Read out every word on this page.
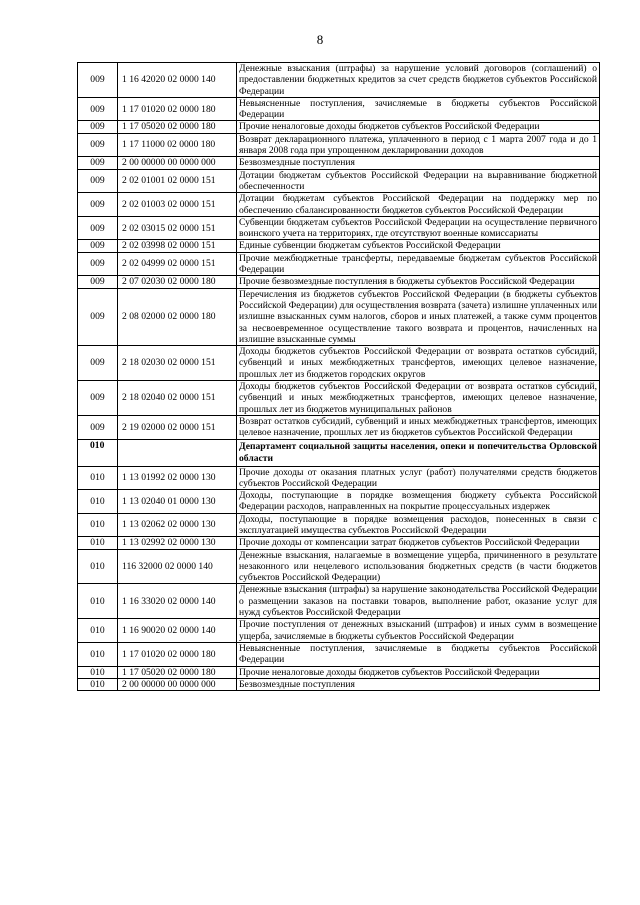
8
009	1 16 42020 02 0000 140	Денежные взыскания (штрафы) за нарушение условий договоров (соглашений) о предоставлении бюджетных кредитов за счет средств бюджетов субъектов Российской Федерации
009	1 17 01020 02 0000 180	Невыясненные поступления, зачисляемые в бюджеты субъектов Российской Федерации
009	1 17 05020 02 0000 180	Прочие неналоговые доходы бюджетов субъектов Российской Федерации
009	1 17 11000 02 0000 180	Возврат декларационного платежа, уплаченного в период с 1 марта 2007 года и до 1 января 2008 года при упрощенном декларировании доходов
009	2 00 00000 00 0000 000	Безвозмездные поступления
009	2 02 01001 02 0000 151	Дотации бюджетам субъектов Российской Федерации на выравнивание бюджетной обеспеченности
009	2 02 01003 02 0000 151	Дотации бюджетам субъектов Российской Федерации на поддержку мер по обеспечению сбалансированности бюджетов субъектов Российской Федерации
009	2 02 03015 02 0000 151	Субвенции бюджетам субъектов Российской Федерации на осуществление первичного воинского учета на территориях, где отсутствуют военные комиссариаты
009	2 02 03998 02 0000 151	Единые субвенции бюджетам субъектов Российской Федерации
009	2 02 04999 02 0000 151	Прочие межбюджетные трансферты, передаваемые бюджетам субъектов Российской Федерации
009	2 07 02030 02 0000 180	Прочие безвозмездные поступления в бюджеты субъектов Российской Федерации
009	2 08 02000 02 0000 180	Перечисления из бюджетов субъектов Российской Федерации (в бюджеты субъектов Российской Федерации) для осуществления возврата (зачета) излишне уплаченных или излишне взысканных сумм налогов, сборов и иных платежей, а также сумм процентов за несвоевременное осуществление такого возврата и процентов, начисленных на излишне взысканные суммы
009	2 18 02030 02 0000 151	Доходы бюджетов субъектов Российской Федерации от возврата остатков субсидий, субвенций и иных межбюджетных трансфертов, имеющих целевое назначение, прошлых лет из бюджетов городских округов
009	2 18 02040 02 0000 151	Доходы бюджетов субъектов Российской Федерации от возврата остатков субсидий, субвенций и иных межбюджетных трансфертов, имеющих целевое назначение, прошлых лет из бюджетов муниципальных районов
009	2 19 02000 02 0000 151	Возврат остатков субсидий, субвенций и иных межбюджетных трансфертов, имеющих целевое назначение, прошлых лет из бюджетов субъектов Российской Федерации
010		Департамент социальной защиты населения, опеки и попечительства Орловской области
010	1 13 01992 02 0000 130	Прочие доходы от оказания платных услуг (работ) получателями средств бюджетов субъектов Российской Федерации
010	1 13 02040 01 0000 130	Доходы, поступающие в порядке возмещения бюджету субъекта Российской Федерации расходов, направленных на покрытие процессуальных издержек
010	1 13 02062 02 0000 130	Доходы, поступающие в порядке возмещения расходов, понесенных в связи с эксплуатацией имущества субъектов Российской Федерации
010	1 13 02992 02 0000 130	Прочие доходы от компенсации затрат бюджетов субъектов Российской Федерации
010	116 32000 02 0000 140	Денежные взыскания, налагаемые в возмещение ущерба, причиненного в результате незаконного или нецелевого использования бюджетных средств (в части бюджетов субъектов Российской Федерации)
010	1 16 33020 02 0000 140	Денежные взыскания (штрафы) за нарушение законодательства Российской Федерации о размещении заказов на поставки товаров, выполнение работ, оказание услуг для нужд субъектов Российской Федерации
010	1 16 90020 02 0000 140	Прочие поступления от денежных взысканий (штрафов) и иных сумм в возмещение ущерба, зачисляемые в бюджеты субъектов Российской Федерации
010	1 17 01020 02 0000 180	Невыясненные поступления, зачисляемые в бюджеты субъектов Российской Федерации
010	1 17 05020 02 0000 180	Прочие неналоговые доходы бюджетов субъектов Российской Федерации
010	2 00 00000 00 0000 000	Безвозмездные поступления
